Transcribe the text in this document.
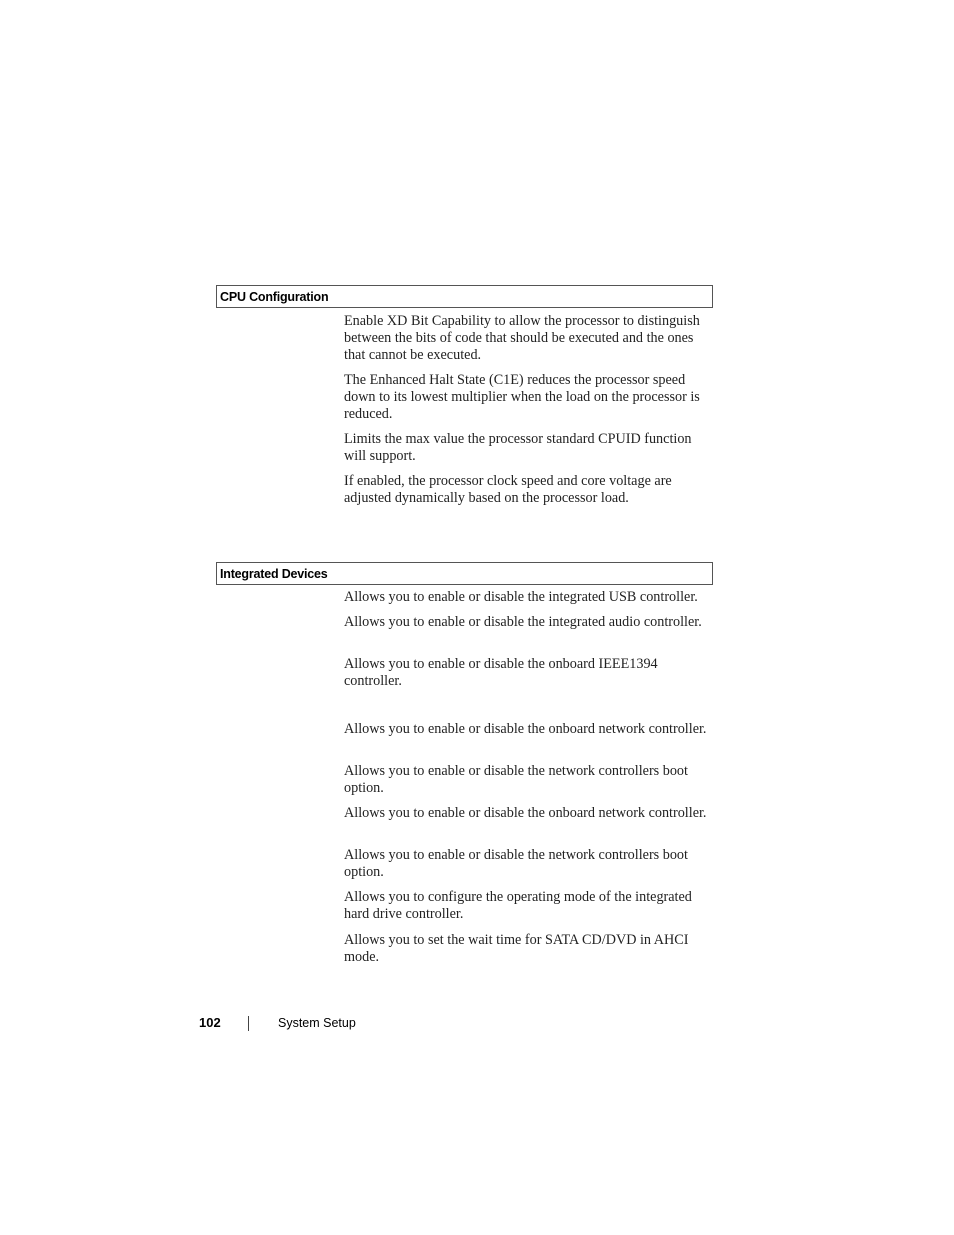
CPU Configuration
Enable XD Bit Capability to allow the processor to distinguish between the bits of code that should be executed and the ones that cannot be executed.
The Enhanced Halt State (C1E) reduces the processor speed down to its lowest multiplier when the load on the processor is reduced.
Limits the max value the processor standard CPUID function will support.
If enabled, the processor clock speed and core voltage are adjusted dynamically based on the processor load.
Integrated Devices
Allows you to enable or disable the integrated USB controller.
Allows you to enable or disable the integrated audio controller.
Allows you to enable or disable the onboard IEEE1394 controller.
Allows you to enable or disable the onboard network controller.
Allows you to enable or disable the network controllers boot option.
Allows you to enable or disable the onboard network controller.
Allows you to enable or disable the network controllers boot option.
Allows you to configure the operating mode of the integrated hard drive controller.
Allows you to set the wait time for SATA CD/DVD in AHCI mode.
102	System Setup
